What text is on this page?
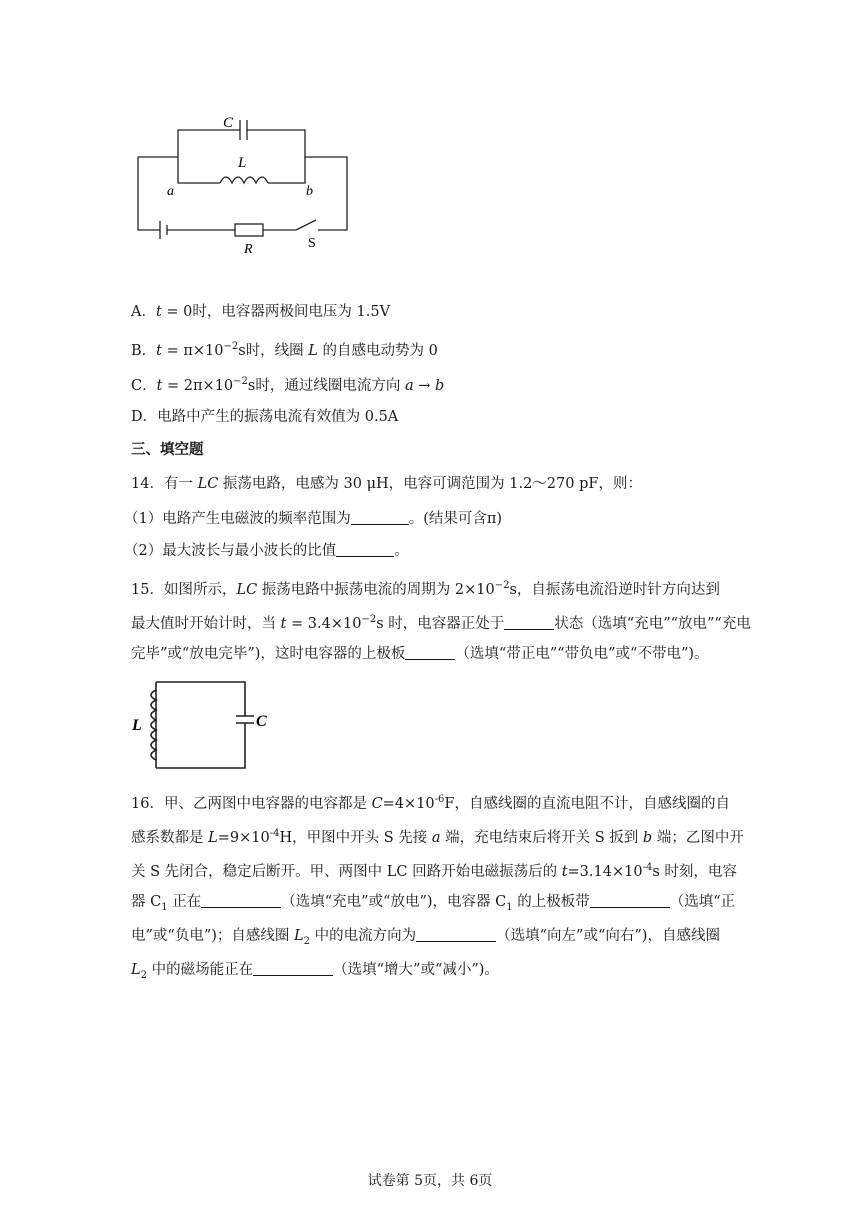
C
L
a	b
R	S
A．t = 0时，电容器两极间电压为 1.5V
B．$t = \pi\times 10^{-2}s$时，线圈 L 的自感电动势为 0
C．$t = 2\pi\times 10^{-2}s$时，通过线圈电流方向 a → b
D．电路中产生的振荡电流有效值为 0.5A
三、填空题
14．有一 LC 振荡电路，电感为 30 μH，电容可调范围为 1.2～270 pF，则：
（1）电路产生电磁波的频率范围为	。(结果可含π)
（2）最大波长与最小波长的比值	。
15．如图所示，LC 振荡电路中振荡电流的周期为 $2\times 10^{-2}s$，自振荡电流沿逆时针方向达到
最大值时开始计时，当 $t = 3.4\times 10^{-2}s$ 时，电容器正处于	状态（选填“充电”“放电”“充电
完毕”或“放电完毕”)，这时电容器的上极板	（选填“带正电”“带负电”或“不带电”)。
L	C
16．甲、乙两图中电容器的电容都是 $C=4\times 10^{-6}F$，自感线圈的直流电阻不计，自感线圈的自
感系数都是 $L=9\times 10^{-4}H$，甲图中开头 S 先接 a 端，充电结束后将开关 S 扳到 b 端；乙图中开
关 S 先闭合，稳定后断开。甲、两图中 LC 回路开始电磁振荡后的 $t=3.14\times 10^{-4}s$ 时刻，电容
器 $C_1$ 正在	（选填“充电”或“放电”)，电容器 $C_1$ 的上极板带	（选填“正
电”或“负电”)；自感线圈 $L_2$ 中的电流方向为	（选填“向左”或“向右”)，自感线圈
$L_2$ 中的磁场能正在	（选填“增大”或“减小”)。
试卷第 5页，共 6页
